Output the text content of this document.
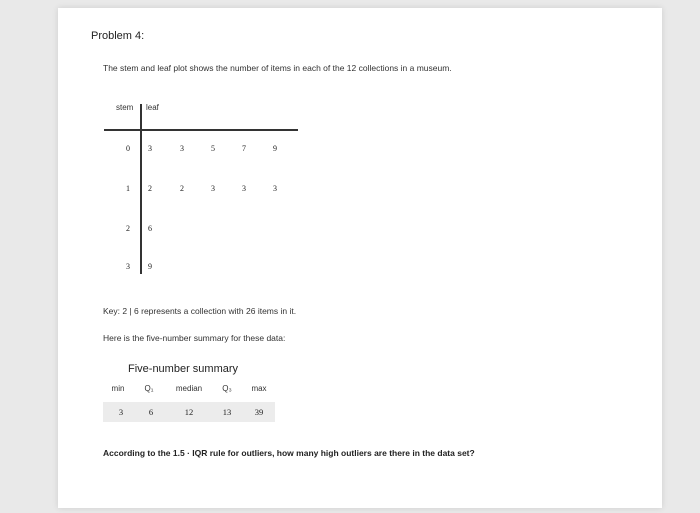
Problem 4:
The stem and leaf plot shows the number of items in each of the 12 collections in a museum.
stem leaf
0	3	3	5	7	9
1	2	2	3	3	3
2	6
3	9
Key: 2 | 6 represents a collection with 26 items in it.
Here is the five-number summary for these data:
Five-number summary
min	Q₁	median	Q₃	max
3	6	12	13	39
According to the 1.5 · IQR rule for outliers, how many high outliers are there in the data set?
